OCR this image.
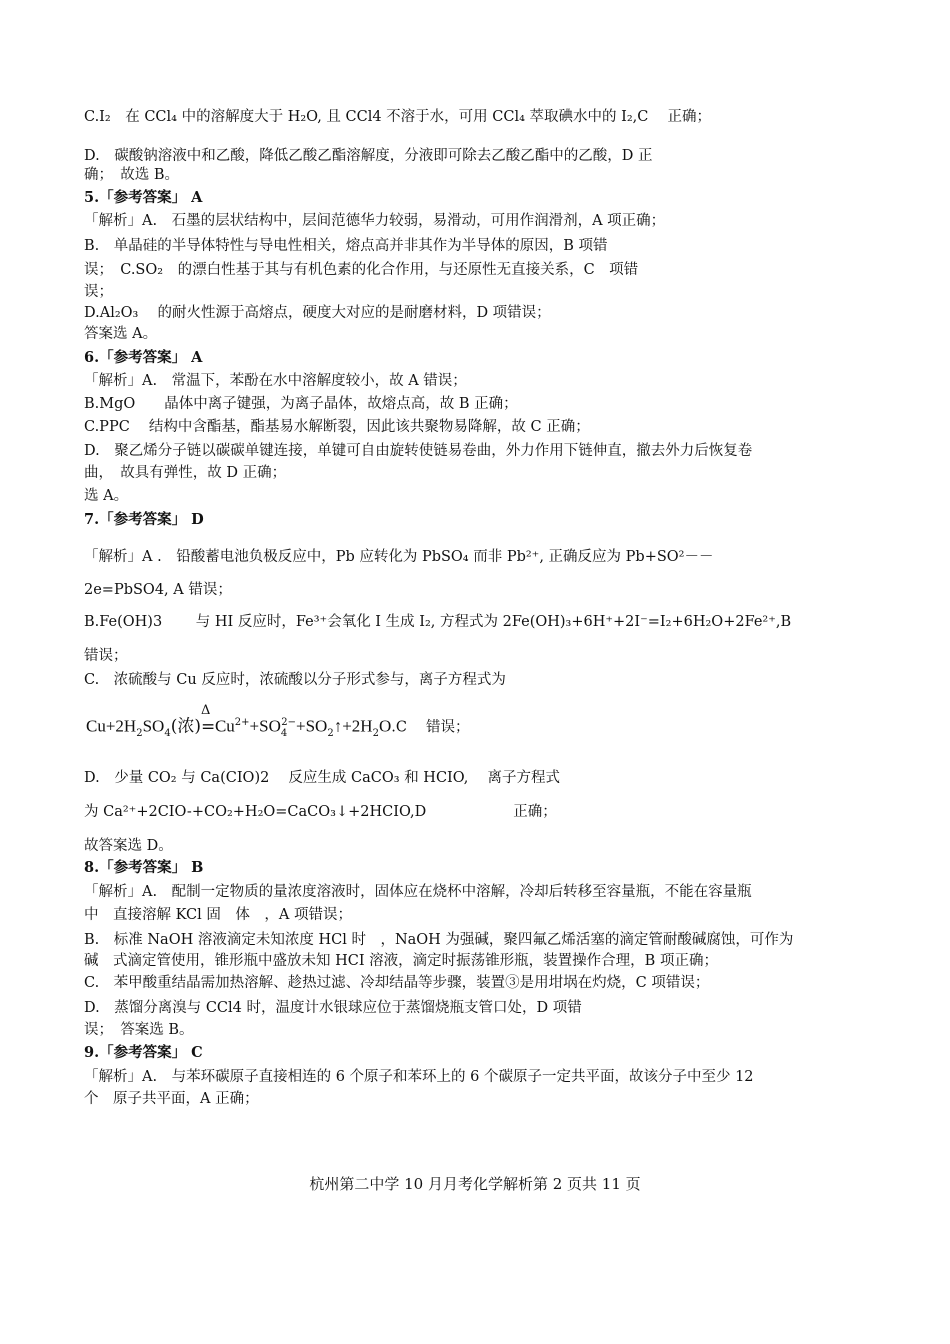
C.I₂　在 CCl₄ 中的溶解度大于 H₂O, 且 CCl4 不溶于水，可用 CCl₄ 萃取碘水中的 I₂,C　 正确；
D.　碳酸钠溶液中和乙酸，降低乙酸乙酯溶解度，分液即可除去乙酸乙酯中的乙酸，D 正
确；　故选 B。
5.「参考答案」 A
「解析」A.　石墨的层状结构中，层间范德华力较弱，易滑动，可用作润滑剂，A 项正确；
B.　单晶硅的半导体特性与导电性相关，熔点高并非其作为半导体的原因，B 项错
误；　C.SO₂　的漂白性基于其与有机色素的化合作用，与还原性无直接关系，C　项错
误；
D.Al₂O₃　 的耐火性源于高熔点，硬度大对应的是耐磨材料，D 项错误；
答案选 A。
6.「参考答案」 A
「解析」A.　常温下，苯酚在水中溶解度较小，故 A 错误；
B.MgO　　晶体中离子键强，为离子晶体，故熔点高，故 B 正确；
C.PPC　 结构中含酯基，酯基易水解断裂，因此该共聚物易降解，故 C 正确；
D.　聚乙烯分子链以碳碳单键连接，单键可自由旋转使链易卷曲，外力作用下链伸直，撤去外力后恢复卷
曲，　故具有弹性，故 D 正确；
选 A。
7.「参考答案」 D
「解析」A .　铅酸蓄电池负极反应中，Pb 应转化为 PbSO₄ 而非 Pb²⁺, 正确反应为 Pb+SO²－－
2e=PbSO4, A 错误；
B.Fe(OH)3　　 与 HI 反应时，Fe³⁺会氧化 I 生成 I₂, 方程式为 2Fe(OH)₃+6H⁺+2I⁻=I₂+6H₂O+2Fe²⁺,B
错误；
C.　浓硫酸与 Cu 反应时，浓硫酸以分子形式参与，离子方程式为
$Cu+2H_2SO_4$(浓)
Δ
$=Cu^{2+}+SO_4^{2-}+SO_2↑+2H_2O.C$　 错误；
D.　少量 CO₂ 与 Ca(CIO)2　 反应生成 CaCO₃ 和 HCIO,　 离子方程式
为 Ca²⁺+2CIO-+CO₂+H₂O=CaCO₃↓+2HCIO,D　　　　　　正确；
故答案选 D。
8.「参考答案」 B
「解析」A.　配制一定物质的量浓度溶液时，固体应在烧杯中溶解，冷却后转移至容量瓶，不能在容量瓶
中　直接溶解 KCl 固　体　，A 项错误；
B.　标准 NaOH 溶液滴定未知浓度 HCl 时　，NaOH 为强碱，聚四氟乙烯活塞的滴定管耐酸碱腐蚀，可作为
碱　式滴定管使用，锥形瓶中盛放未知 HCI 溶液，滴定时振荡锥形瓶，装置操作合理，B 项正确；
C.　苯甲酸重结晶需加热溶解、趁热过滤、冷却结晶等步骤，装置③是用坩埚在灼烧，C 项错误；
D.　蒸馏分离溴与 CCl4 时，温度计水银球应位于蒸馏烧瓶支管口处，D 项错
误；　答案选 B。
9.「参考答案」 C
「解析」A.　与苯环碳原子直接相连的 6 个原子和苯环上的 6 个碳原子一定共平面，故该分子中至少 12
个　原子共平面，A 正确；
杭州第二中学 10 月月考化学解析第 2 页共 11 页
